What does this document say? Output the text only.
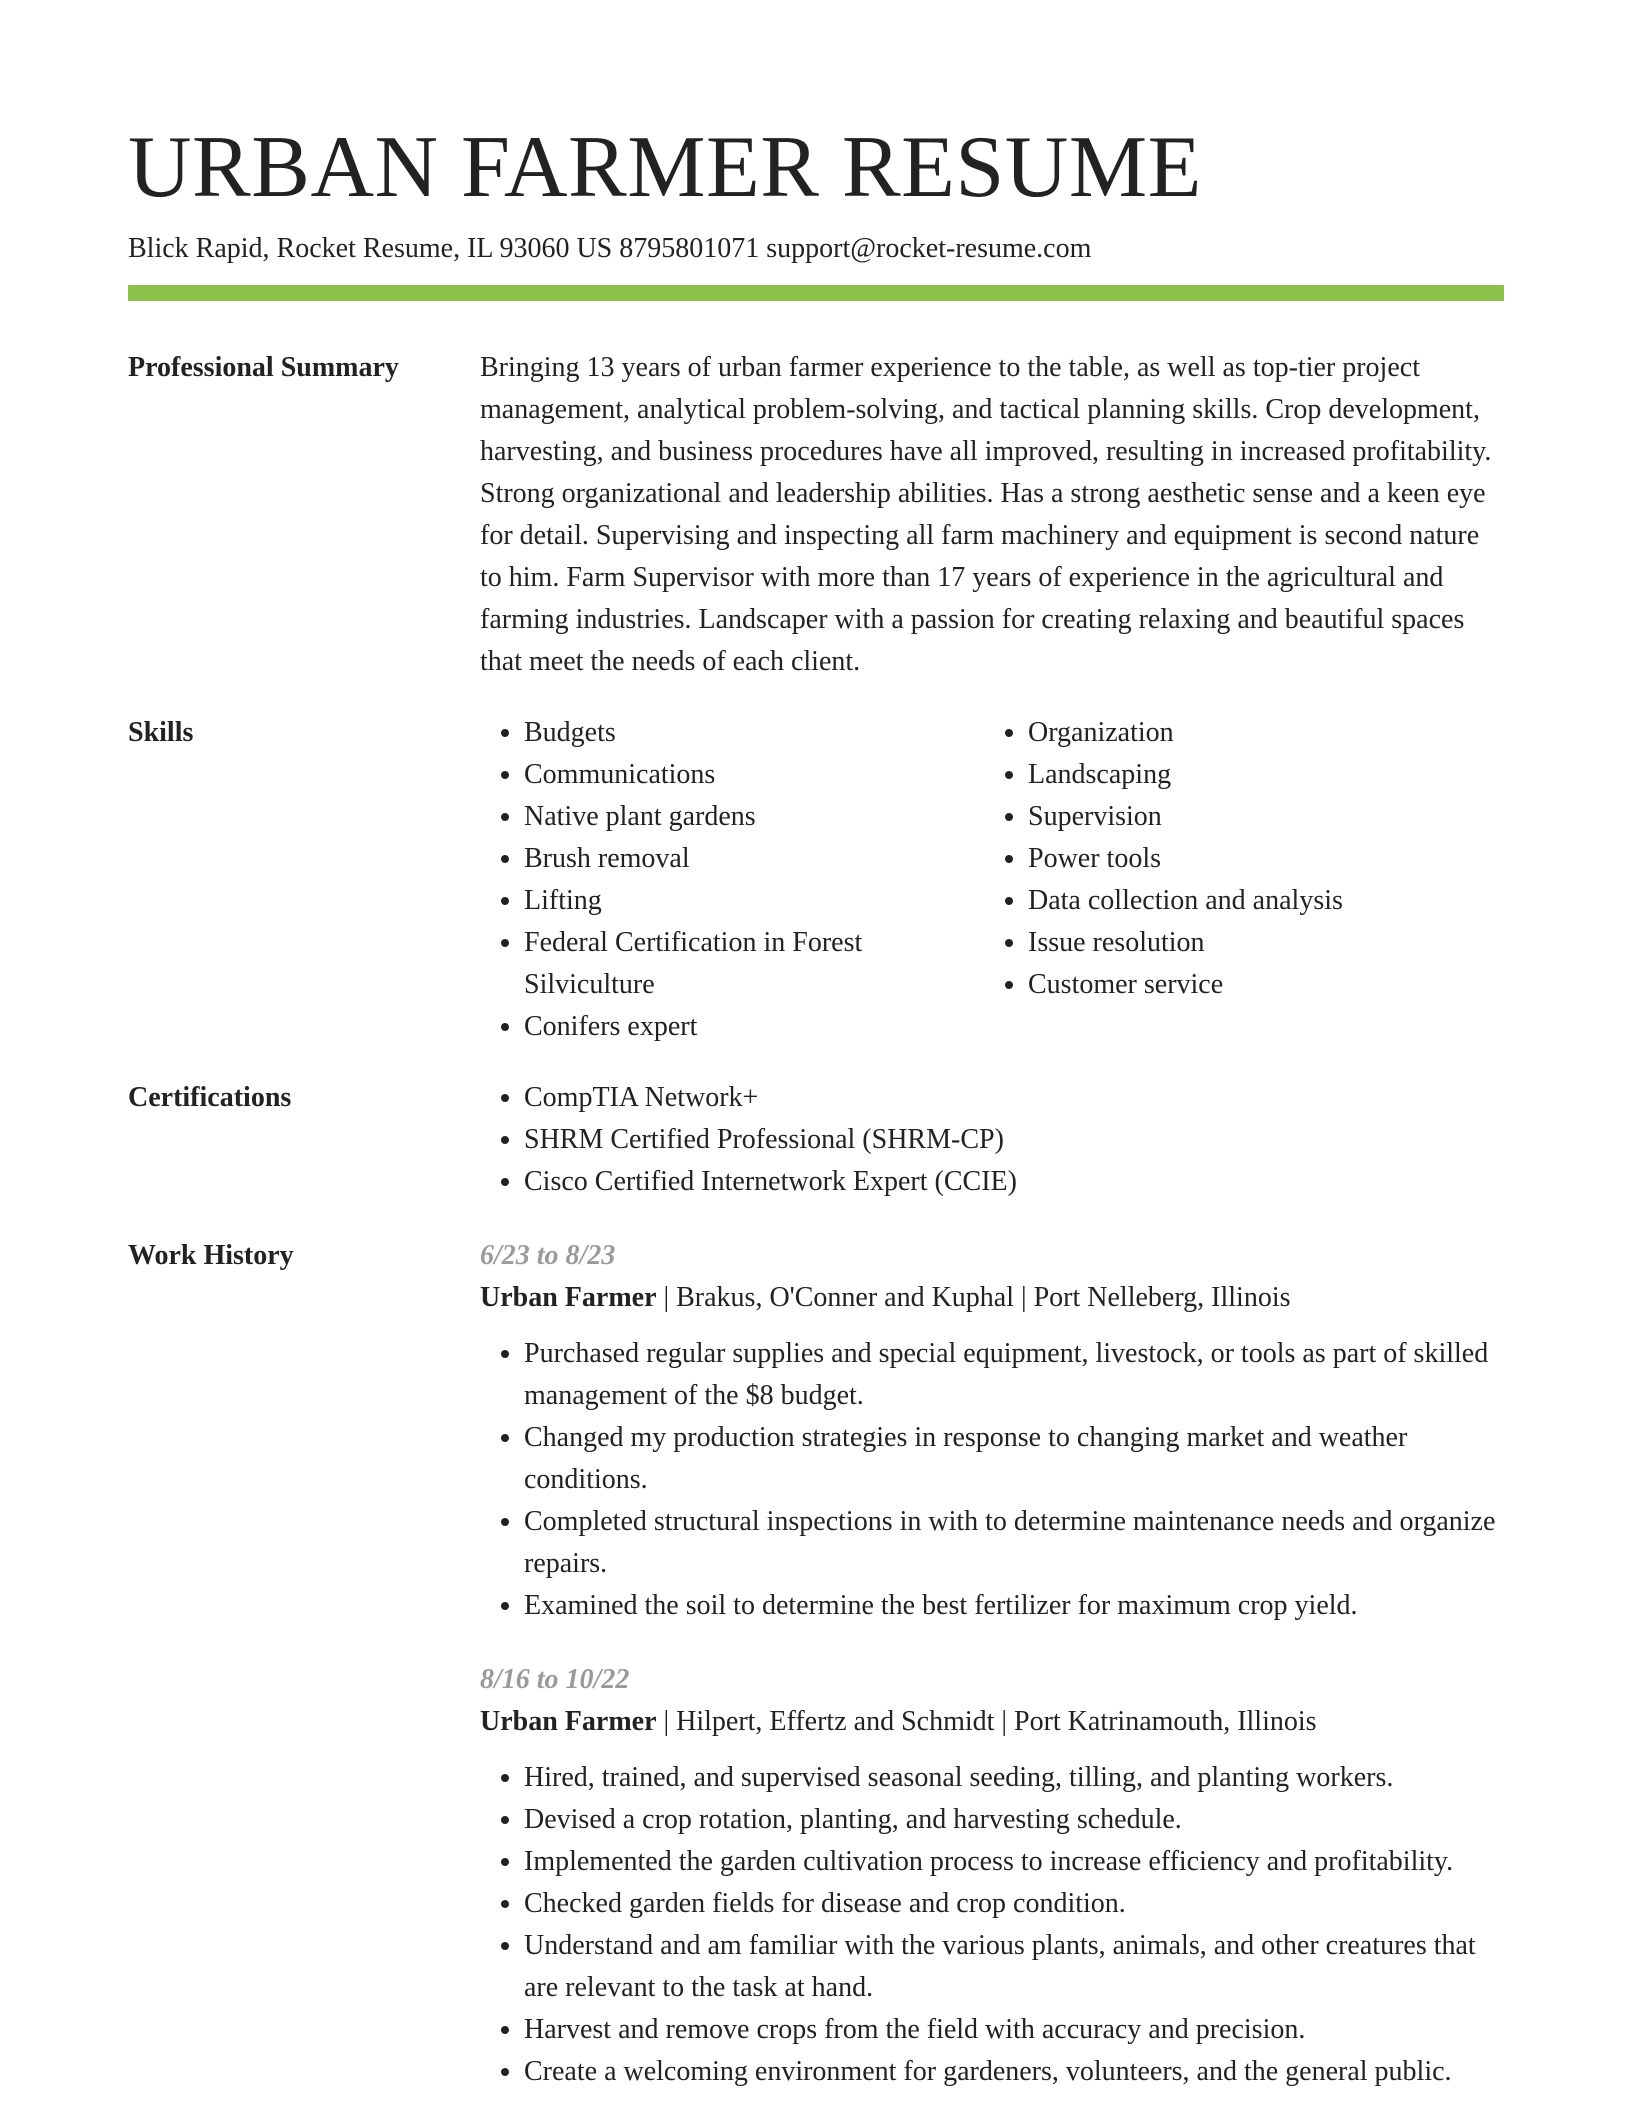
URBAN FARMER RESUME
Blick Rapid, Rocket Resume, IL 93060 US 8795801071 support@rocket-resume.com
Professional Summary	Bringing 13 years of urban farmer experience to the table, as well as top-tier project management, analytical problem-solving, and tactical planning skills. Crop development, harvesting, and business procedures have all improved, resulting in increased profitability. Strong organizational and leadership abilities. Has a strong aesthetic sense and a keen eye for detail. Supervising and inspecting all farm machinery and equipment is second nature to him. Farm Supervisor with more than 17 years of experience in the agricultural and farming industries. Landscaper with a passion for creating relaxing and beautiful spaces that meet the needs of each client.

Skills	• Budgets
• Communications
• Native plant gardens
• Brush removal
• Lifting
• Federal Certification in Forest Silviculture
• Conifers expert
• Organization
• Landscaping
• Supervision
• Power tools
• Data collection and analysis
• Issue resolution
• Customer service
Certifications	• CompTIA Network+
• SHRM Certified Professional (SHRM-CP)
• Cisco Certified Internetwork Expert (CCIE)
Work History	6/23 to 8/23

Urban Farmer | Brakus, O'Conner and Kuphal | Port Nelleberg, Illinois

• Purchased regular supplies and special equipment, livestock, or tools as part of skilled management of the $8 budget.
• Changed my production strategies in response to changing market and weather conditions.
• Completed structural inspections in with to determine maintenance needs and organize repairs.
• Examined the soil to determine the best fertilizer for maximum crop yield.

8/16 to 10/22

Urban Farmer | Hilpert, Effertz and Schmidt | Port Katrinamouth, Illinois

• Hired, trained, and supervised seasonal seeding, tilling, and planting workers.
• Devised a crop rotation, planting, and harvesting schedule.
• Implemented the garden cultivation process to increase efficiency and profitability.
• Checked garden fields for disease and crop condition.
• Understand and am familiar with the various plants, animals, and other creatures that are relevant to the task at hand.
• Harvest and remove crops from the field with accuracy and precision.
• Create a welcoming environment for gardeners, volunteers, and the general public.
